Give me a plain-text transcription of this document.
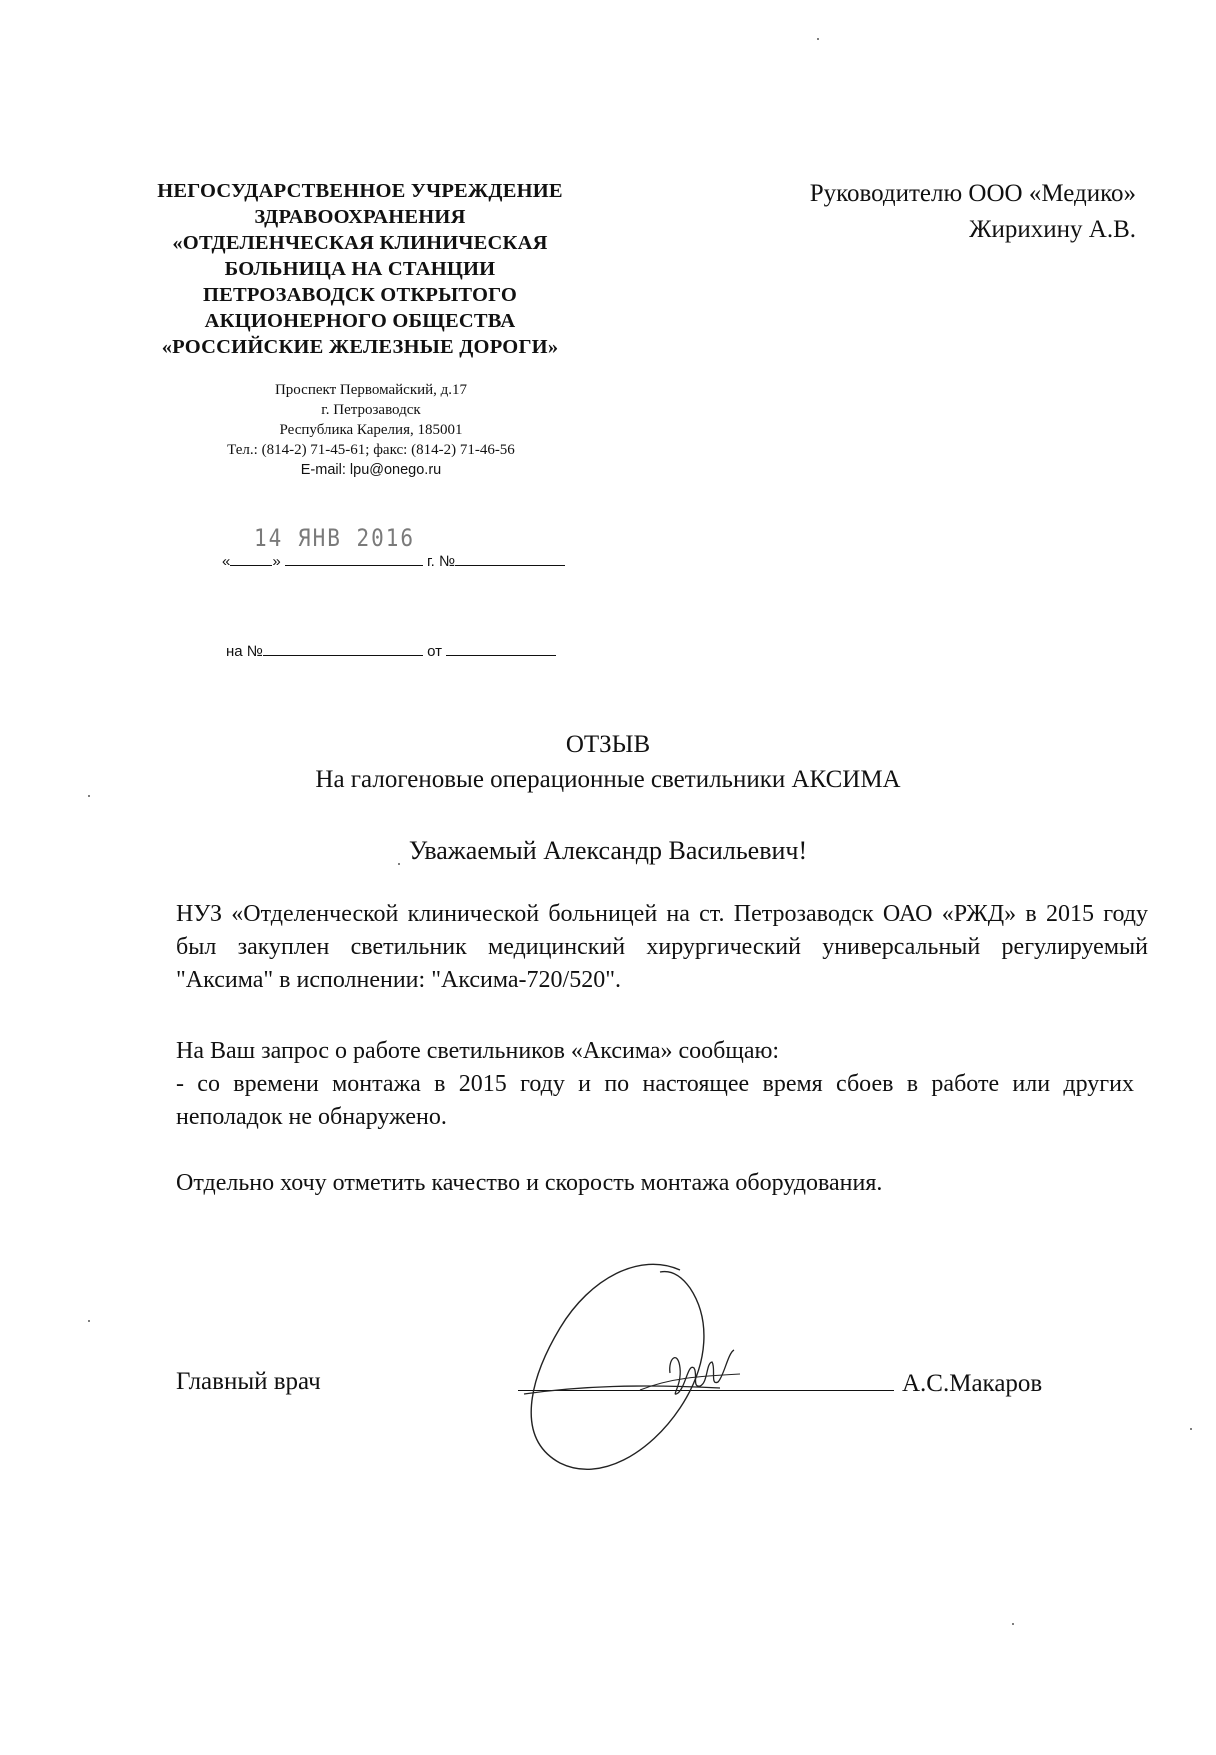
НЕГОСУДАРСТВЕННОЕ УЧРЕЖДЕНИЕ
ЗДРАВООХРАНЕНИЯ
«ОТДЕЛЕНЧЕСКАЯ КЛИНИЧЕСКАЯ
БОЛЬНИЦА НА СТАНЦИИ
ПЕТРОЗАВОДСК ОТКРЫТОГО
АКЦИОНЕРНОГО ОБЩЕСТВА
«РОССИЙСКИЕ ЖЕЛЕЗНЫЕ ДОРОГИ»
Проспект Первомайский, д.17
г. Петрозаводск
Республика Карелия, 185001
Тел.: (814-2) 71-45-61; факс: (814-2) 71-46-56
E-mail: lpu@onego.ru
Руководителю ООО «Медико»
Жирихину А.В.
14 ЯНВ 2016
«	»	г. №
на №	от
ОТЗЫВ
На галогеновые операционные светильники АКСИМА
Уважаемый Александр Васильевич!
НУЗ «Отделенческой клинической больницей на ст. Петрозаводск ОАО «РЖД» в 2015 году был закуплен светильник медицинский хирургический универсальный регулируемый "Аксима" в исполнении: "Аксима-720/520".
На Ваш запрос о работе светильников «Аксима» сообщаю:
- со времени монтажа в 2015 году и по настоящее время сбоев в работе или других неполадок не обнаружено.
Отдельно хочу отметить качество и скорость монтажа оборудования.
Главный врач	А.С.Макаров
